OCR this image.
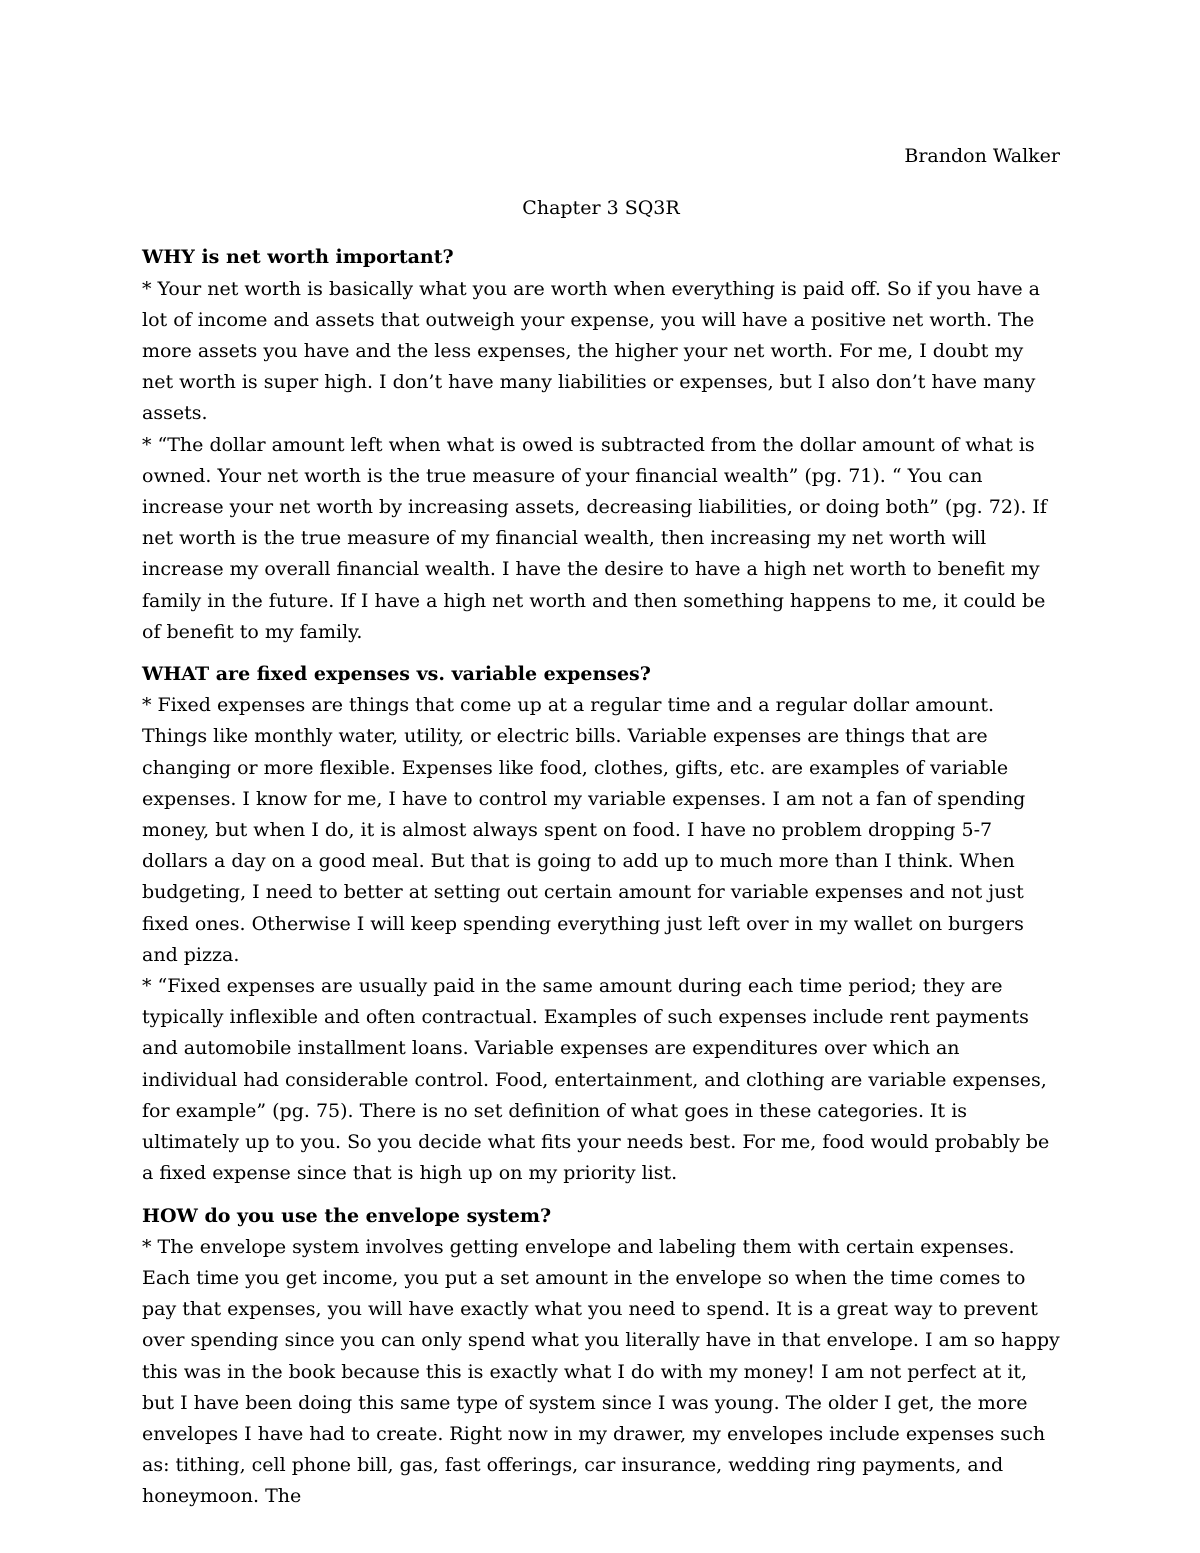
Brandon Walker

Chapter 3 SQ3R

WHY is net worth important?

* Your net worth is basically what you are worth when everything is paid off. So if you have a lot of income and assets that outweigh your expense, you will have a positive net worth. The more assets you have and the less expenses, the higher your net worth. For me, I doubt my net worth is super high. I don’t have many liabilities or expenses, but I also don’t have many assets.

* “The dollar amount left when what is owed is subtracted from the dollar amount of what is owned. Your net worth is the true measure of your financial wealth” (pg. 71). “ You can increase your net worth by increasing assets, decreasing liabilities, or doing both” (pg. 72). If net worth is the true measure of my financial wealth, then increasing my net worth will increase my overall financial wealth. I have the desire to have a high net worth to benefit my family in the future. If I have a high net worth and then something happens to me, it could be of benefit to my family.

WHAT are fixed expenses vs. variable expenses?

* Fixed expenses are things that come up at a regular time and a regular dollar amount. Things like monthly water, utility, or electric bills. Variable expenses are things that are changing or more flexible. Expenses like food, clothes, gifts, etc. are examples of variable expenses. I know for me, I have to control my variable expenses. I am not a fan of spending money, but when I do, it is almost always spent on food. I have no problem dropping 5-7 dollars a day on a good meal. But that is going to add up to much more than I think. When budgeting, I need to better at setting out certain amount for variable expenses and not just fixed ones. Otherwise I will keep spending everything just left over in my wallet on burgers and pizza.

* “Fixed expenses are usually paid in the same amount during each time period; they are typically inflexible and often contractual. Examples of such expenses include rent payments and automobile installment loans. Variable expenses are expenditures over which an individual had considerable control. Food, entertainment, and clothing are variable expenses, for example” (pg. 75). There is no set definition of what goes in these categories. It is ultimately up to you. So you decide what fits your needs best. For me, food would probably be a fixed expense since that is high up on my priority list.

HOW do you use the envelope system?

* The envelope system involves getting envelope and labeling them with certain expenses. Each time you get income, you put a set amount in the envelope so when the time comes to pay that expenses, you will have exactly what you need to spend. It is a great way to prevent over spending since you can only spend what you literally have in that envelope. I am so happy this was in the book because this is exactly what I do with my money! I am not perfect at it, but I have been doing this same type of system since I was young. The older I get, the more envelopes I have had to create. Right now in my drawer, my envelopes include expenses such as: tithing, cell phone bill, gas, fast offerings, car insurance, wedding ring payments, and honeymoon. The
